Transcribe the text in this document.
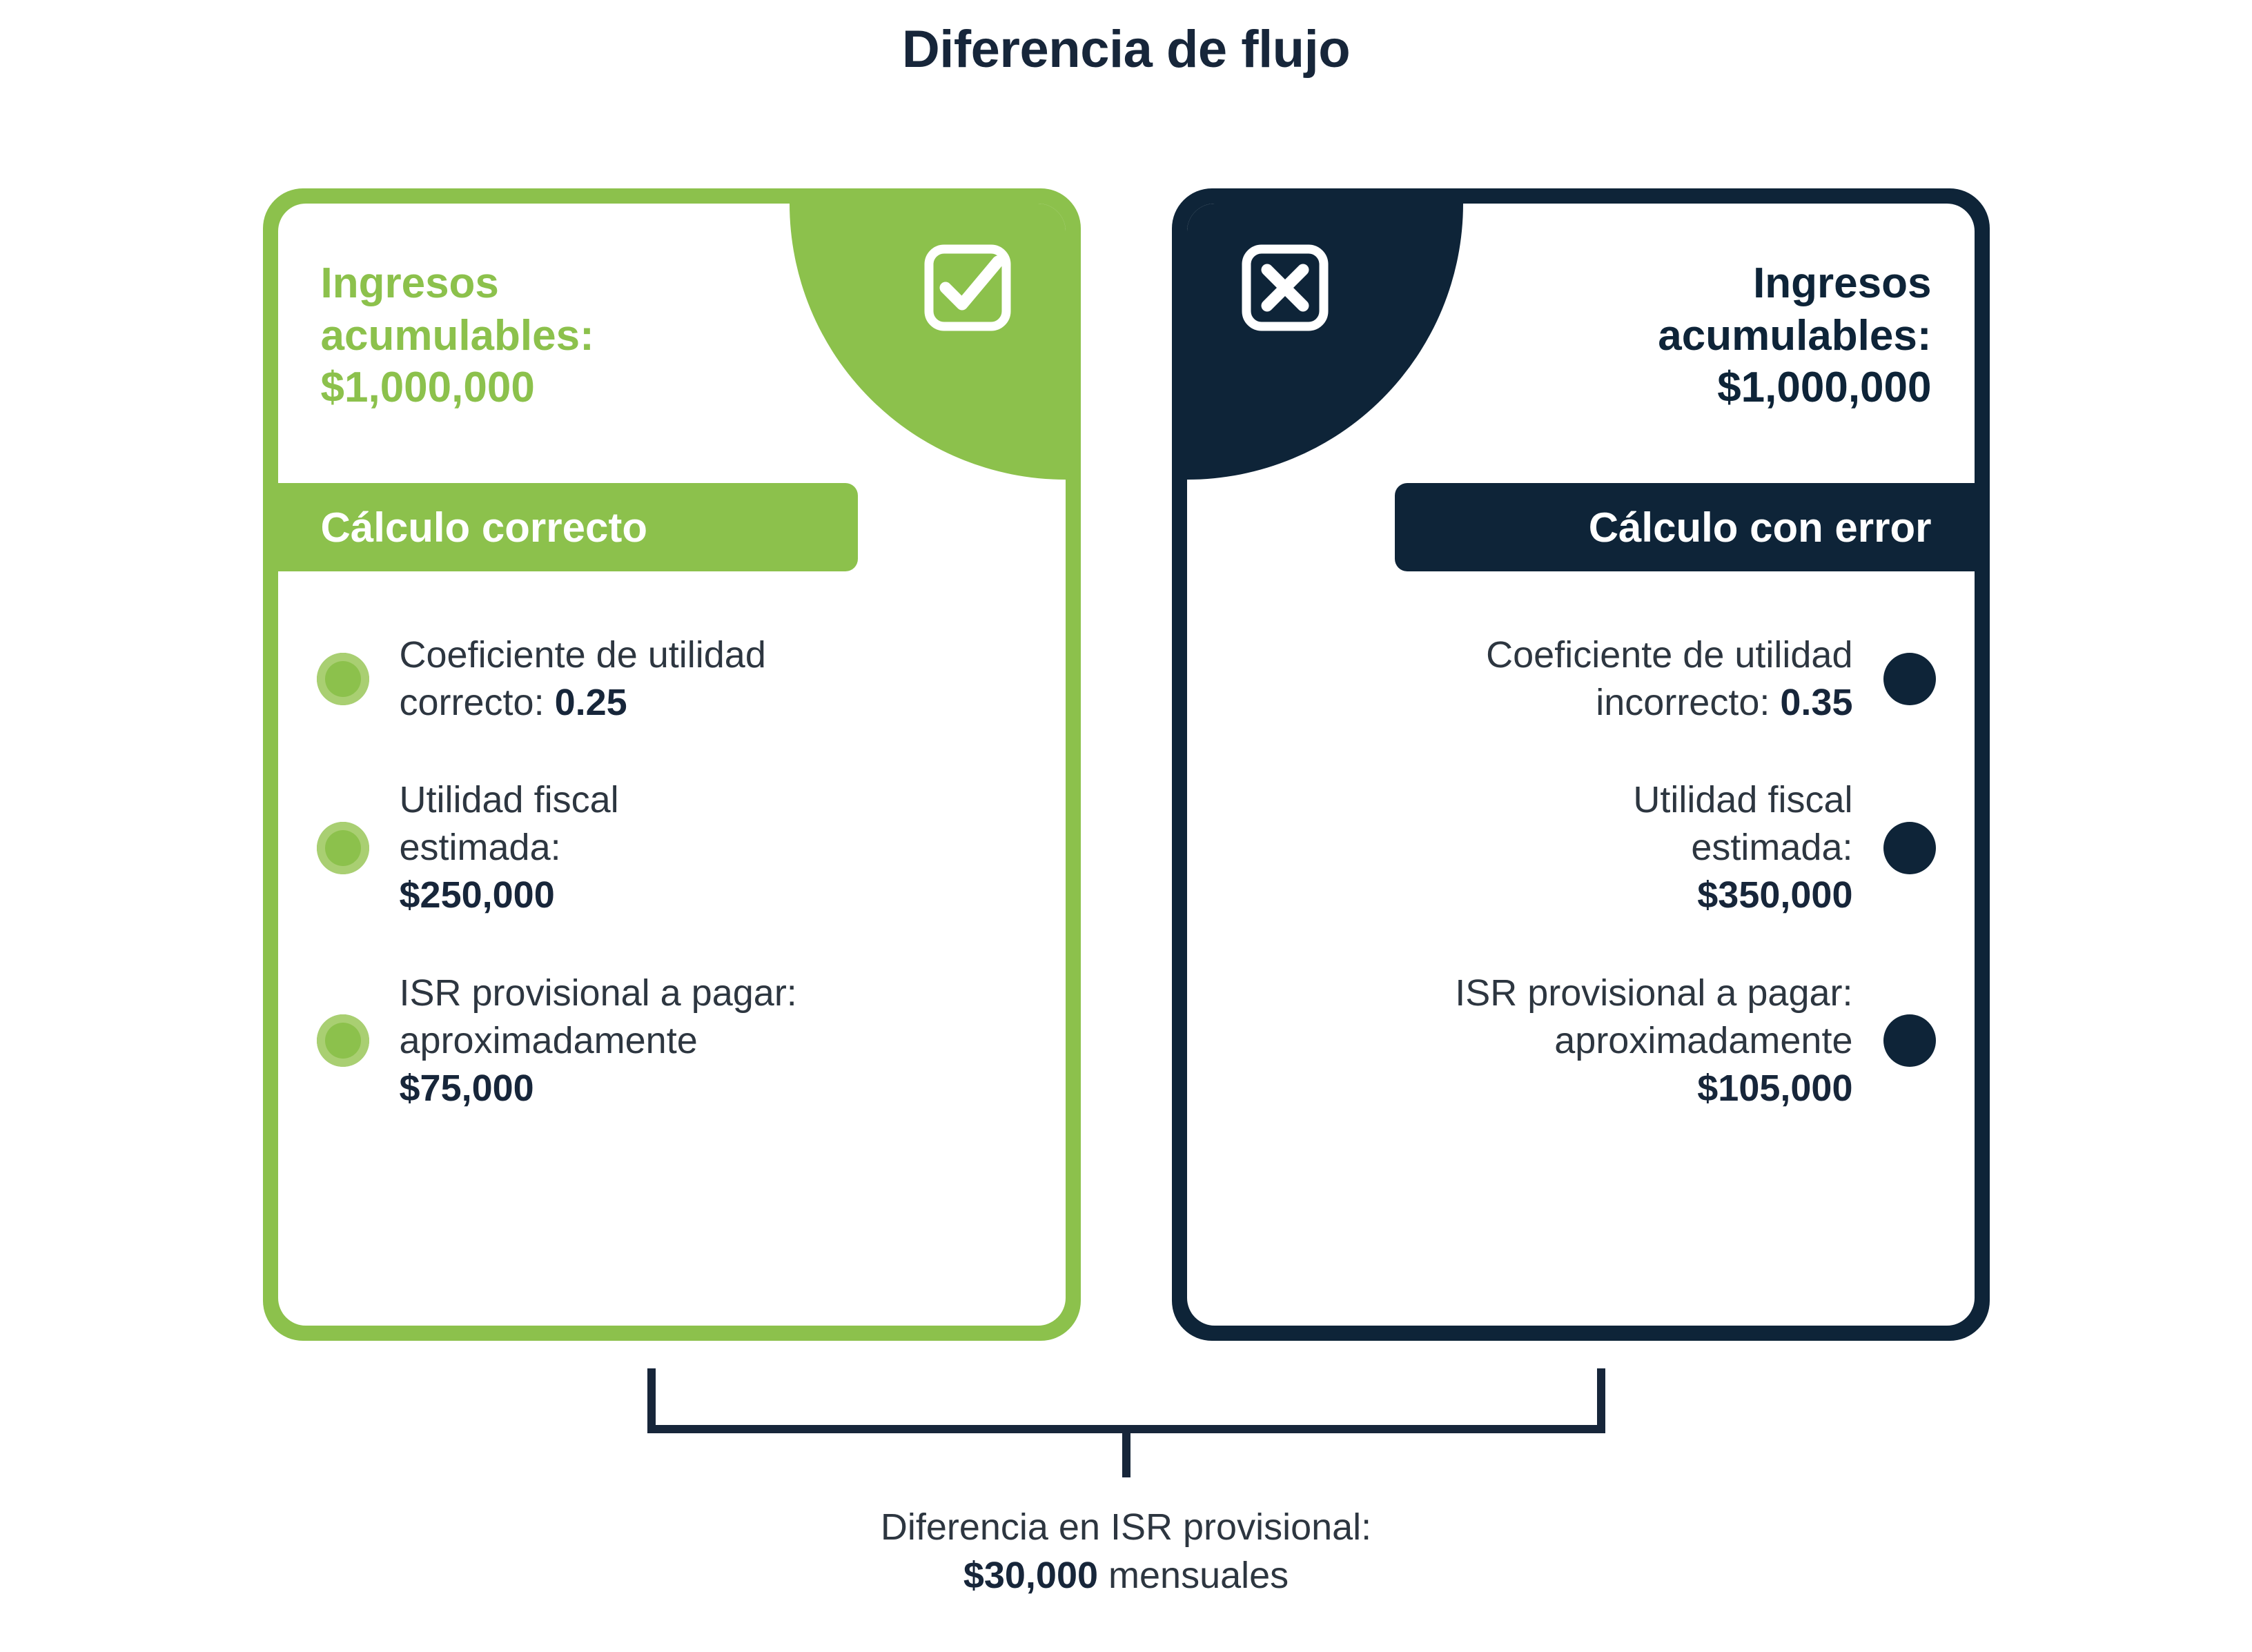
Diferencia de flujo
Ingresos
acumulables:
$1,000,000
Cálculo correcto
Coeficiente de utilidad
correcto: 0.25
Utilidad fiscal
estimada:
$250,000
ISR provisional a pagar:
aproximadamente
$75,000
Ingresos
acumulables:
$1,000,000
Cálculo con error
Coeficiente de utilidad
incorrecto: 0.35
Utilidad fiscal
estimada:
$350,000
ISR provisional a pagar:
aproximadamente
$105,000
Diferencia en ISR provisional:
$30,000 mensuales
